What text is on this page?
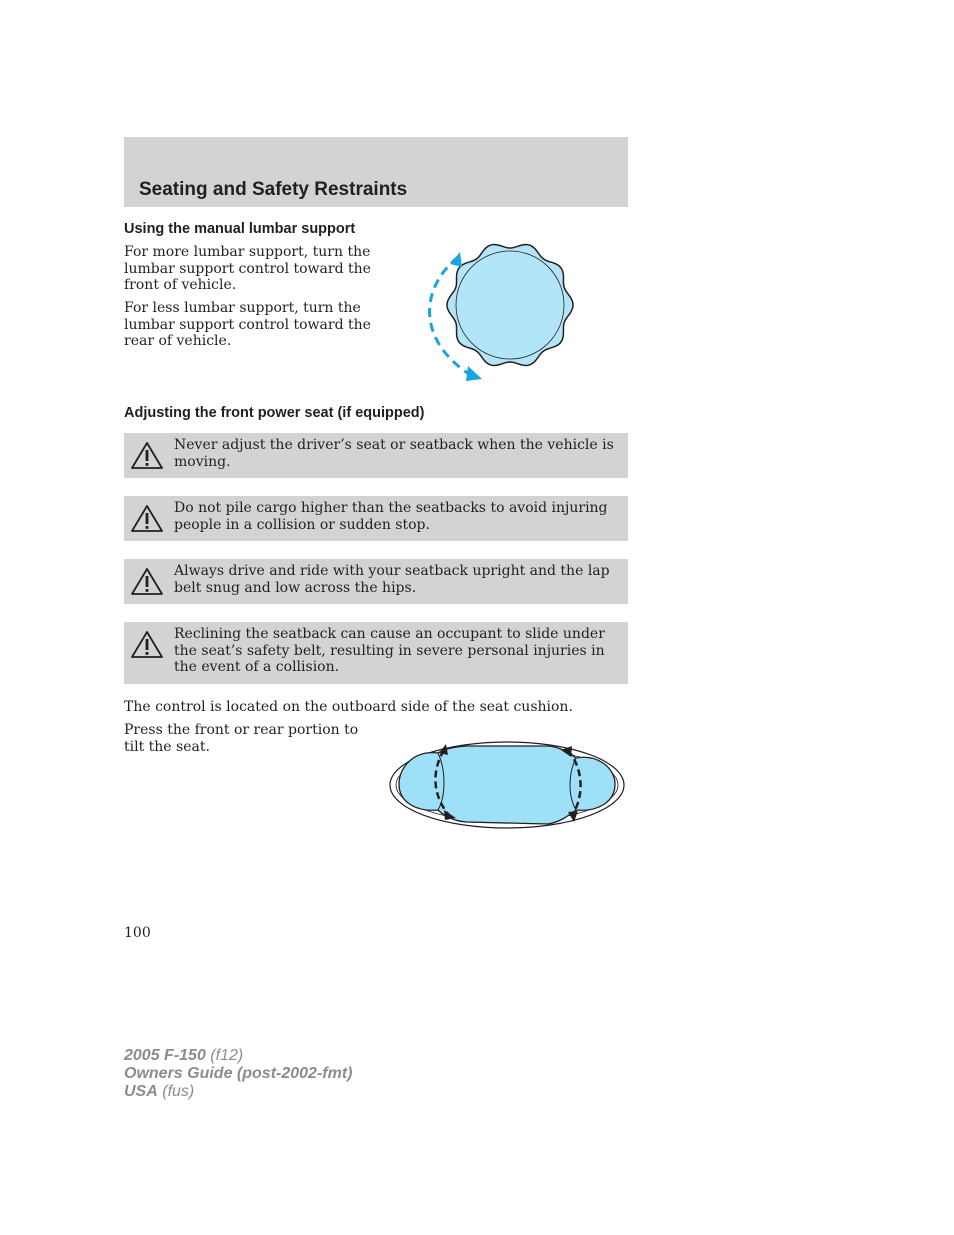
Seating and Safety Restraints
Using the manual lumbar support

For more lumbar support, turn the lumbar support control toward the front of vehicle.

For less lumbar support, turn the lumbar support control toward the rear of vehicle.

Adjusting the front power seat (if equipped)

Never adjust the driver’s seat or seatback when the vehicle is moving.

Do not pile cargo higher than the seatbacks to avoid injuring people in a collision or sudden stop.

Always drive and ride with your seatback upright and the lap belt snug and low across the hips.

Reclining the seatback can cause an occupant to slide under the seat’s safety belt, resulting in severe personal injuries in the event of a collision.

The control is located on the outboard side of the seat cushion.

Press the front or rear portion to tilt the seat.

100
2005 F-150 (f12)
Owners Guide (post-2002-fmt)
USA (fus)
